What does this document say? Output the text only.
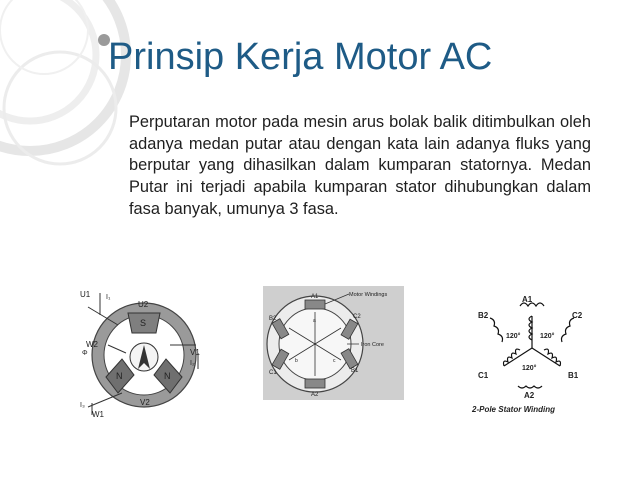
Prinsip Kerja Motor AC

Perputaran motor pada mesin arus bolak balik ditimbulkan oleh adanya medan putar atau dengan kata lain adanya fluks yang berputar yang dihasilkan dalam kumparan statornya. Medan Putar ini terjadi apabila kumparan stator dihubungkan dalam fasa banyak, umunya 3 fasa.

S
N	N
U1 I₁
U2
W2
Φ	V1
I₂
V2
I₃
W1
Motor Windings
Iron Core
A1
A2
B2
B1
C1
C2
a
b	c
A1
A2
B2
B1
C1
C2
120°	120°
120°
2-Pole Stator Winding
